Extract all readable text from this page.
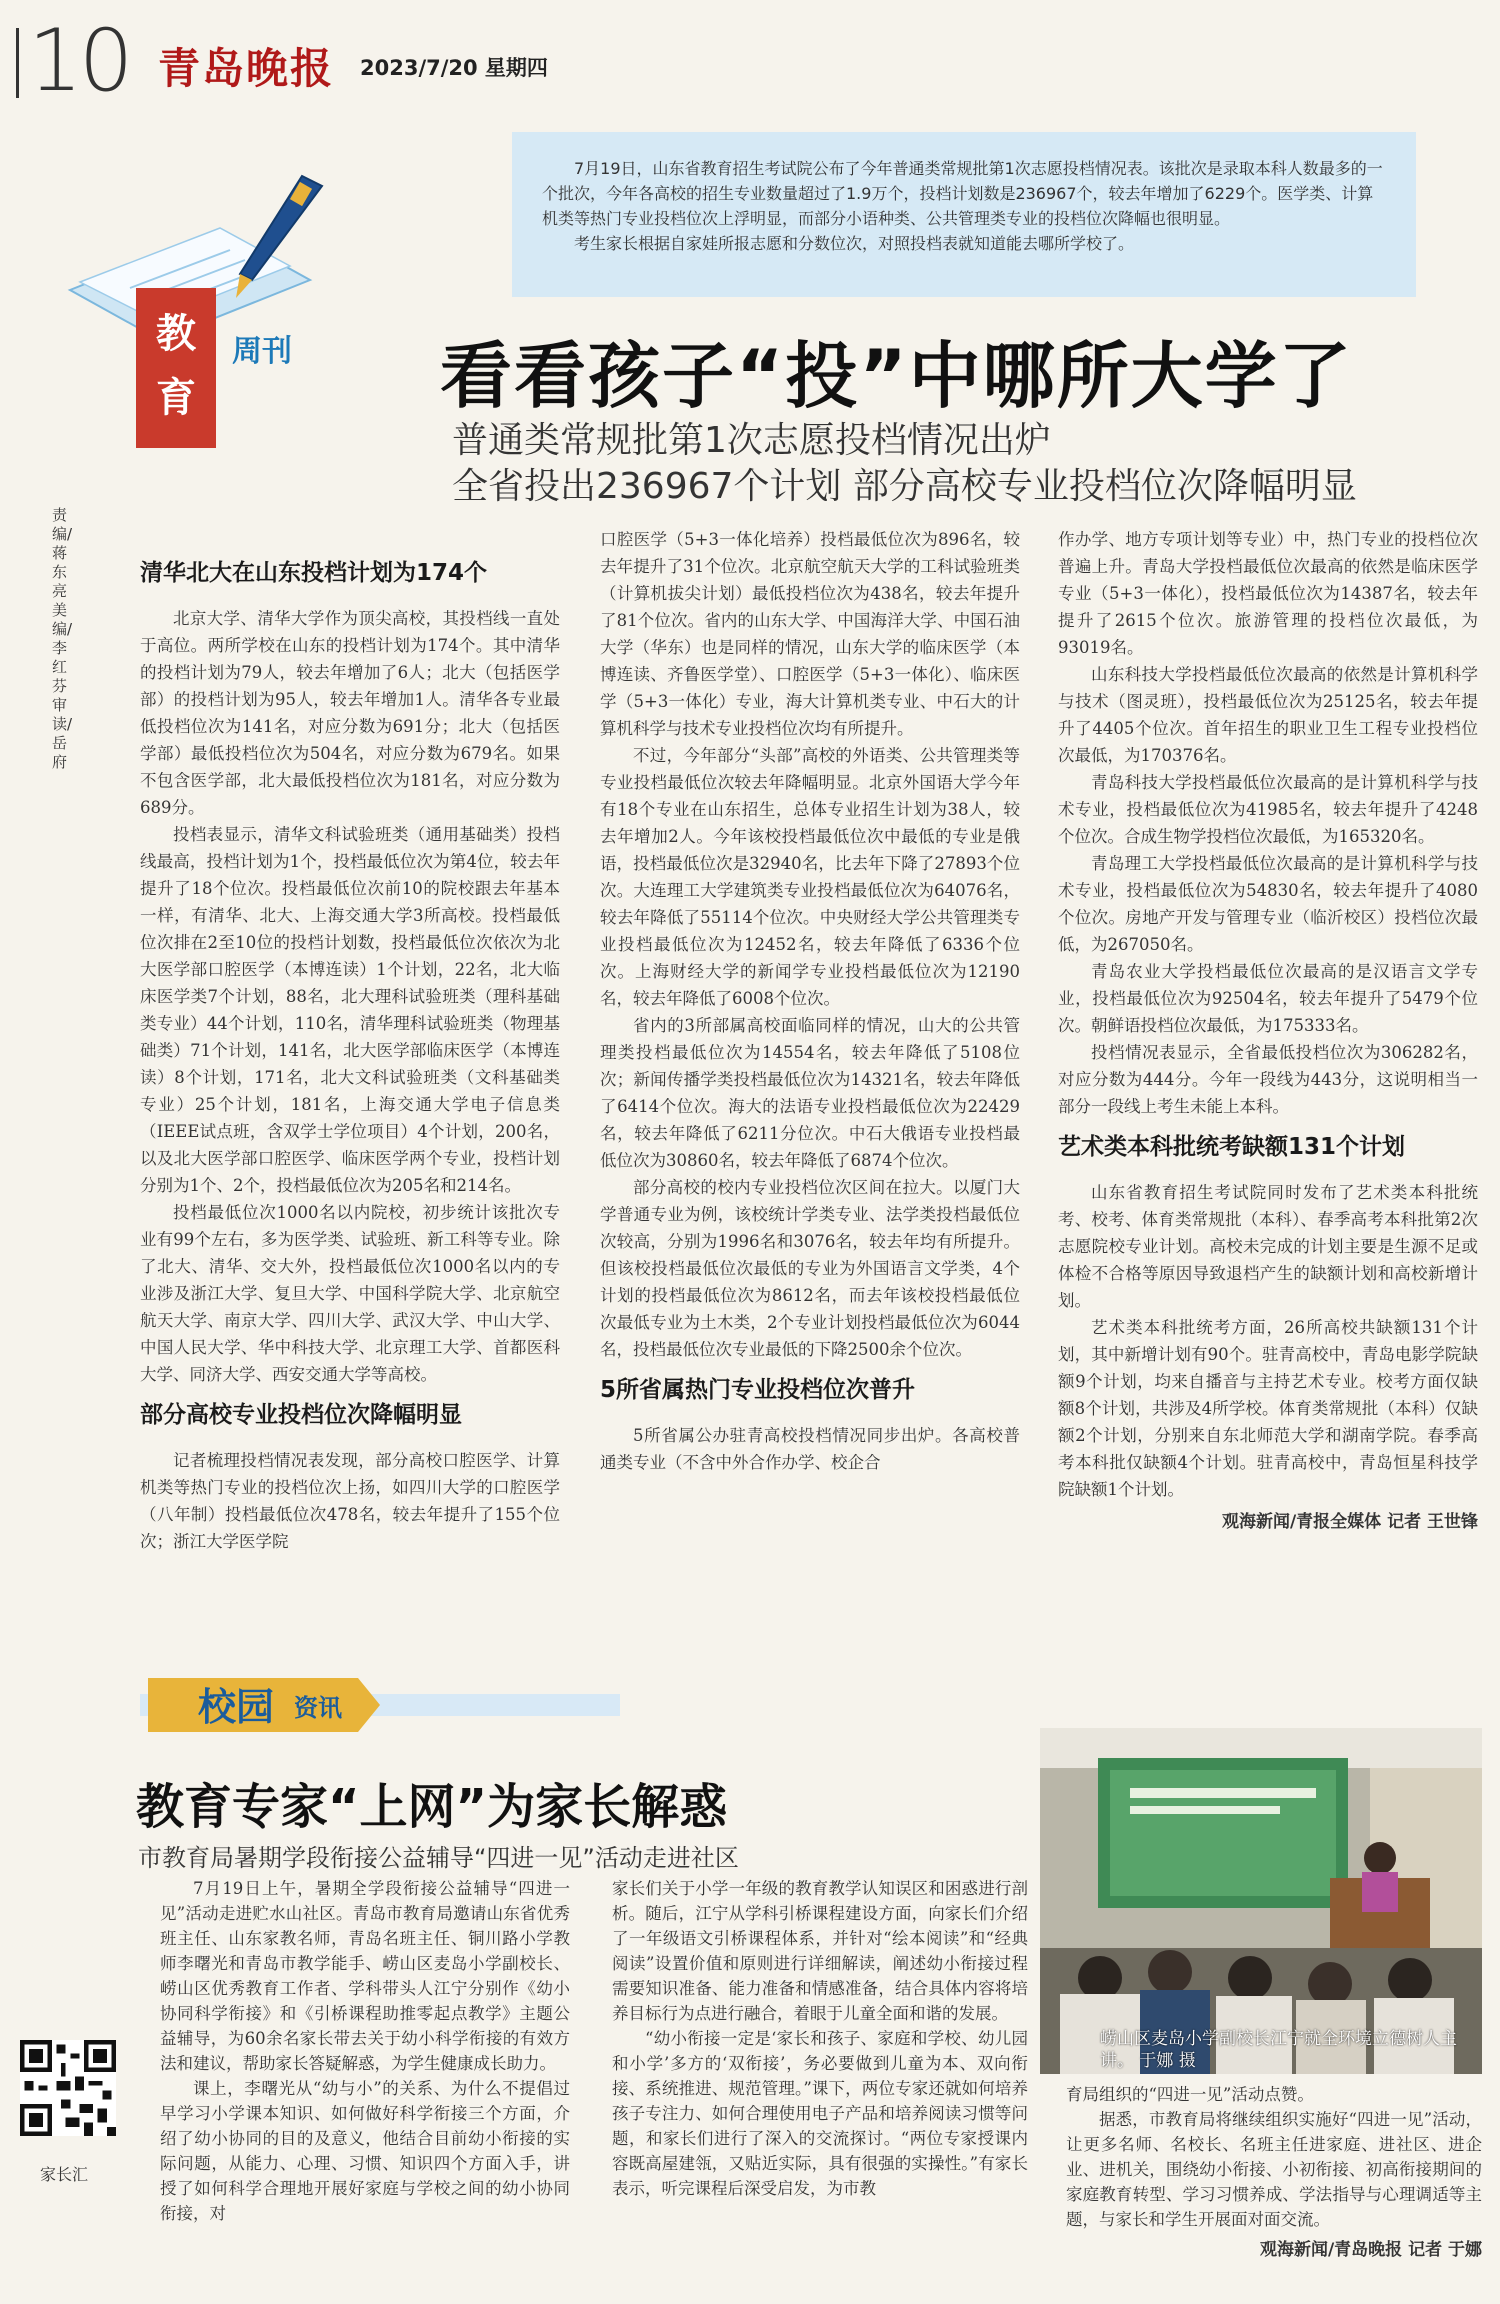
10 青岛晚报 2023/7/20 星期四

7月19日，山东省教育招生考试院公布了今年普通类常规批第1次志愿投档情况表。该批次是录取本科人数最多的一个批次，今年各高校的招生专业数量超过了1.9万个，投档计划数是236967个，较去年增加了6229个。医学类、计算机类等热门专业投档位次上浮明显，而部分小语种类、公共管理类专业的投档位次降幅也很明显。

考生家长根据自家娃所报志愿和分数位次，对照投档表就知道能去哪所学校了。

教
育
周刊 看看孩子“投”中哪所大学了
普通类常规批第1次志愿投档情况出炉
全省投出236967个计划 部分高校专业投档位次降幅明显
责编/蒋东亮 美编/李红芬 审读/岳府
清华北大在山东投档计划为174个

北京大学、清华大学作为顶尖高校，其投档线一直处于高位。两所学校在山东的投档计划为174个。其中清华的投档计划为79人，较去年增加了6人；北大（包括医学部）的投档计划为95人，较去年增加1人。清华各专业最低投档位次为141名，对应分数为691分；北大（包括医学部）最低投档位次为504名，对应分数为679名。如果不包含医学部，北大最低投档位次为181名，对应分数为689分。

投档表显示，清华文科试验班类（通用基础类）投档线最高，投档计划为1个，投档最低位次为第4位，较去年提升了18个位次。投档最低位次前10的院校跟去年基本一样，有清华、北大、上海交通大学3所高校。投档最低位次排在2至10位的投档计划数，投档最低位次依次为北大医学部口腔医学（本博连读）1个计划，22名，北大临床医学类7个计划，88名，北大理科试验班类（理科基础类专业）44个计划，110名，清华理科试验班类（物理基础类）71个计划，141名，北大医学部临床医学（本博连读）8个计划，171名，北大文科试验班类（文科基础类专业）25个计划，181名，上海交通大学电子信息类（IEEE试点班，含双学士学位项目）4个计划，200名，以及北大医学部口腔医学、临床医学两个专业，投档计划分别为1个、2个，投档最低位次为205名和214名。

投档最低位次1000名以内院校，初步统计该批次专业有99个左右，多为医学类、试验班、新工科等专业。除了北大、清华、交大外，投档最低位次1000名以内的专业涉及浙江大学、复旦大学、中国科学院大学、北京航空航天大学、南京大学、四川大学、武汉大学、中山大学、中国人民大学、华中科技大学、北京理工大学、首都医科大学、同济大学、西安交通大学等高校。

部分高校专业投档位次降幅明显

记者梳理投档情况表发现，部分高校口腔医学、计算机类等热门专业的投档位次上扬，如四川大学的口腔医学（八年制）投档最低位次478名，较去年提升了155个位次；浙江大学医学院

口腔医学（5+3一体化培养）投档最低位次为896名，较去年提升了31个位次。北京航空航天大学的工科试验班类（计算机拔尖计划）最低投档位次为438名，较去年提升了81个位次。省内的山东大学、中国海洋大学、中国石油大学（华东）也是同样的情况，山东大学的临床医学（本博连读、齐鲁医学堂）、口腔医学（5+3一体化）、临床医学（5+3一体化）专业，海大计算机类专业、中石大的计算机科学与技术专业投档位次均有所提升。

不过，今年部分“头部”高校的外语类、公共管理类等专业投档最低位次较去年降幅明显。北京外国语大学今年有18个专业在山东招生，总体专业招生计划为38人，较去年增加2人。今年该校投档最低位次中最低的专业是俄语，投档最低位次是32940名，比去年下降了27893个位次。大连理工大学建筑类专业投档最低位次为64076名，较去年降低了55114个位次。中央财经大学公共管理类专业投档最低位次为12452名，较去年降低了6336个位次。上海财经大学的新闻学专业投档最低位次为12190名，较去年降低了6008个位次。

省内的3所部属高校面临同样的情况，山大的公共管理类投档最低位次为14554名，较去年降低了5108位次；新闻传播学类投档最低位次为14321名，较去年降低了6414个位次。海大的法语专业投档最低位次为22429名，较去年降低了6211分位次。中石大俄语专业投档最低位次为30860名，较去年降低了6874个位次。

部分高校的校内专业投档位次区间在拉大。以厦门大学普通专业为例，该校统计学类专业、法学类投档最低位次较高，分别为1996名和3076名，较去年均有所提升。但该校投档最低位次最低的专业为外国语言文学类，4个计划的投档最低位次为8612名，而去年该校投档最低位次最低专业为土木类，2个专业计划投档最低位次为6044名，投档最低位次专业最低的下降2500余个位次。

5所省属热门专业投档位次普升

5所省属公办驻青高校投档情况同步出炉。各高校普通类专业（不含中外合作办学、校企合

作办学、地方专项计划等专业）中，热门专业的投档位次普遍上升。青岛大学投档最低位次最高的依然是临床医学专业（5+3一体化），投档最低位次为14387名，较去年提升了2615个位次。旅游管理的投档位次最低，为93019名。

山东科技大学投档最低位次最高的依然是计算机科学与技术（图灵班），投档最低位次为25125名，较去年提升了4405个位次。首年招生的职业卫生工程专业投档位次最低，为170376名。

青岛科技大学投档最低位次最高的是计算机科学与技术专业，投档最低位次为41985名，较去年提升了4248个位次。合成生物学投档位次最低，为165320名。

青岛理工大学投档最低位次最高的是计算机科学与技术专业，投档最低位次为54830名，较去年提升了4080个位次。房地产开发与管理专业（临沂校区）投档位次最低，为267050名。

青岛农业大学投档最低位次最高的是汉语言文学专业，投档最低位次为92504名，较去年提升了5479个位次。朝鲜语投档位次最低，为175333名。

投档情况表显示，全省最低投档位次为306282名，对应分数为444分。今年一段线为443分，这说明相当一部分一段线上考生未能上本科。

艺术类本科批统考缺额131个计划

山东省教育招生考试院同时发布了艺术类本科批统考、校考、体育类常规批（本科）、春季高考本科批第2次志愿院校专业计划。高校未完成的计划主要是生源不足或体检不合格等原因导致退档产生的缺额计划和高校新增计划。

艺术类本科批统考方面，26所高校共缺额131个计划，其中新增计划有90个。驻青高校中，青岛电影学院缺额9个计划，均来自播音与主持艺术专业。校考方面仅缺额8个计划，共涉及4所学校。体育类常规批（本科）仅缺额2个计划，分别来自东北师范大学和湖南学院。春季高考本科批仅缺额4个计划。驻青高校中，青岛恒星科技学院缺额1个计划。

观海新闻/青报全媒体 记者 王世锋
校园 资讯
教育专家“上网”为家长解惑
市教育局暑期学段衔接公益辅导“四进一见”活动走进社区

7月19日上午，暑期全学段衔接公益辅导“四进一见”活动走进贮水山社区。青岛市教育局邀请山东省优秀班主任、山东家教名师，青岛名班主任、铜川路小学教师李曙光和青岛市教学能手、崂山区麦岛小学副校长、崂山区优秀教育工作者、学科带头人江宁分别作《幼小协同科学衔接》和《引桥课程助推零起点教学》主题公益辅导，为60余名家长带去关于幼小科学衔接的有效方法和建议，帮助家长答疑解惑，为学生健康成长助力。

课上，李曙光从“幼与小”的关系、为什么不提倡过早学习小学课本知识、如何做好科学衔接三个方面，介绍了幼小协同的目的及意义，他结合目前幼小衔接的实际问题，从能力、心理、习惯、知识四个方面入手，讲授了如何科学合理地开展好家庭与学校之间的幼小协同衔接，对

家长们关于小学一年级的教育教学认知误区和困惑进行剖析。随后，江宁从学科引桥课程建设方面，向家长们介绍了一年级语文引桥课程体系，并针对“绘本阅读”和“经典阅读”设置价值和原则进行详细解读，阐述幼小衔接过程需要知识准备、能力准备和情感准备，结合具体内容将培养目标行为点进行融合，着眼于儿童全面和谐的发展。

“幼小衔接一定是‘家长和孩子、家庭和学校、幼儿园和小学’多方的‘双衔接’，务必要做到儿童为本、双向衔接、系统推进、规范管理。”课下，两位专家还就如何培养孩子专注力、如何合理使用电子产品和培养阅读习惯等问题，和家长们进行了深入的交流探讨。“两位专家授课内容既高屋建瓴，又贴近实际，具有很强的实操性。”有家长表示，听完课程后深受启发，为市教

崂山区麦岛小学副校长江宁就全环境立德树人主讲。 于娜 摄

育局组织的“四进一见”活动点赞。

据悉，市教育局将继续组织实施好“四进一见”活动，让更多名师、名校长、名班主任进家庭、进社区、进企业、进机关，围绕幼小衔接、小初衔接、初高衔接期间的家庭教育转型、学习习惯养成、学法指导与心理调适等主题，与家长和学生开展面对面交流。

观海新闻/青岛晚报 记者 于娜
家长汇
